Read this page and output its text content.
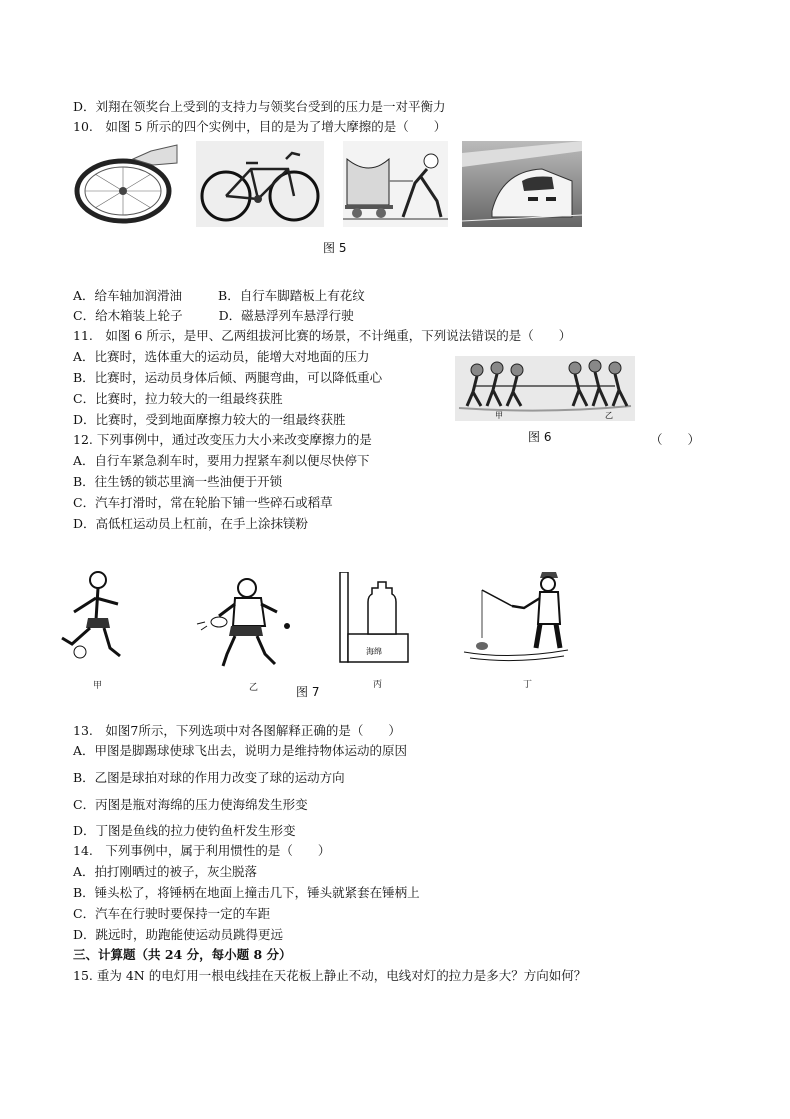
D．刘翔在领奖台上受到的支持力与领奖台受到的压力是一对平衡力
10.　如图 5 所示的四个实例中，目的是为了增大摩擦的是（　　）
图 5
A．给车轴加润滑油	B．自行车脚踏板上有花纹
C．给木箱装上轮子	D．磁悬浮列车悬浮行驶
11.　如图 6 所示，是甲、乙两组拔河比赛的场景，不计绳重，下列说法错误的是（　　）
A．比赛时，选体重大的运动员，能增大对地面的压力
B．比赛时，运动员身体后倾、两腿弯曲，可以降低重心
C．比赛时，拉力较大的一组最终获胜
D．比赛时，受到地面摩擦力较大的一组最终获胜	甲	乙
图 6
12. 下列事例中，通过改变压力大小来改变摩擦力的是	（　　）
A．自行车紧急刹车时，要用力捏紧车刹以便尽快停下
B．往生锈的锁芯里滴一些油便于开锁
C．汽车打滑时，常在轮胎下铺一些碎石或稻草
D．高低杠运动员上杠前，在手上涂抹镁粉
甲	乙	图 7
海绵
丙	丁
13.　如图7所示，下列选项中对各图解释正确的是（　　）
A．甲图是脚踢球使球飞出去，说明力是维持物体运动的原因
B．乙图是球拍对球的作用力改变了球的运动方向
C．丙图是瓶对海绵的压力使海绵发生形变
D．丁图是鱼线的拉力使钓鱼杆发生形变
14.　下列事例中，属于利用惯性的是（　　）
A．拍打刚晒过的被子，灰尘脱落
B．锤头松了，将锤柄在地面上撞击几下，锤头就紧套在锤柄上
C．汽车在行驶时要保持一定的车距
D．跳远时，助跑能使运动员跳得更远
三、计算题（共 24 分，每小题 8 分）
15. 重为 4N 的电灯用一根电线挂在天花板上静止不动，电线对灯的拉力是多大？方向如何？
